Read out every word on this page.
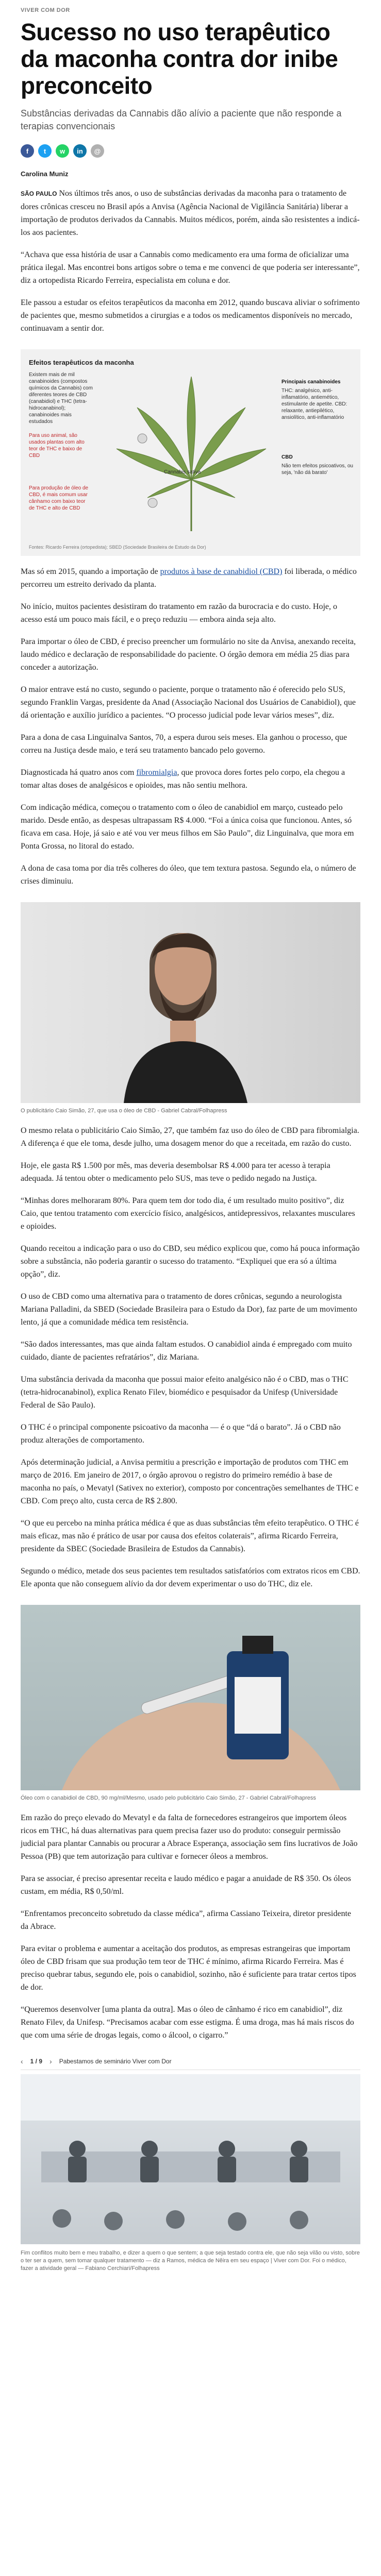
VIVER COM DOR
Sucesso no uso terapêutico da maconha contra dor inibe preconceito

Substâncias derivadas da Cannabis dão alívio a paciente que não responde a terapias convencionais

f	t	w	in	@
Carolina Muniz

SÃO PAULO Nos últimos três anos, o uso de substâncias derivadas da maconha para o tratamento de dores crônicas cresceu no Brasil após a Anvisa (Agência Nacional de Vigilância Sanitária) liberar a importação de produtos derivados da Cannabis. Muitos médicos, porém, ainda são resistentes a indicá-los aos pacientes.

“Achava que essa história de usar a Cannabis como medicamento era uma forma de oficializar uma prática ilegal. Mas encontrei bons artigos sobre o tema e me convenci de que poderia ser interessante”, diz a ortopedista Ricardo Ferreira, especialista em coluna e dor.

Ele passou a estudar os efeitos terapêuticos da maconha em 2012, quando buscava aliviar o sofrimento de pacientes que, mesmo submetidos a cirurgias e a todos os medicamentos disponíveis no mercado, continuavam a sentir dor.

Efeitos terapêuticos da maconha
Existem mais de mil canabinoides (compostos químicos da Cannabis) com diferentes teores de CBD (canabidiol) e THC (tetra-hidrocanabinol); canabinoides mais estudados
Para uso animal, são usados plantas com alto teor de THC e baixo de CBD
Para produção de óleo de CBD, é mais comum usar cânhamo com baixo teor de THC e alto de CBD
Cannabis sativa
Principais canabinoides
THC: analgésico, anti-inflamatório, antiemético, estimulante de apetite. CBD: relaxante, antiepilético, ansiolítico, anti-inflamatório
CBD
Não tem efeitos psicoativos, ou seja, 'não dá barato'
Fontes: Ricardo Ferreira (ortopedista); SBED (Sociedade Brasileira de Estudo da Dor)

Mas só em 2015, quando a importação de produtos à base de canabidiol (CBD) foi liberada, o médico percorreu um estreito derivado da planta.

No início, muitos pacientes desistiram do tratamento em razão da burocracia e do custo. Hoje, o acesso está um pouco mais fácil, e o preço reduziu — embora ainda seja alto.

Para importar o óleo de CBD, é preciso preencher um formulário no site da Anvisa, anexando receita, laudo médico e declaração de responsabilidade do paciente. O órgão demora em média 25 dias para conceder a autorização.

O maior entrave está no custo, segundo o paciente, porque o tratamento não é oferecido pelo SUS, segundo Franklin Vargas, presidente da Anad (Associação Nacional dos Usuários de Canabidiol), que dá orientação e auxílio jurídico a pacientes. “O processo judicial pode levar vários meses”, diz.

Para a dona de casa Linguinalva Santos, 70, a espera durou seis meses. Ela ganhou o processo, que correu na Justiça desde maio, e terá seu tratamento bancado pelo governo.

Diagnosticada há quatro anos com fibromialgia, que provoca dores fortes pelo corpo, ela chegou a tomar altas doses de analgésicos e opioides, mas não sentiu melhora.

Com indicação médica, começou o tratamento com o óleo de canabidiol em março, custeado pelo marido. Desde então, as despesas ultrapassam R$ 4.000. “Foi a única coisa que funcionou. Antes, só ficava em casa. Hoje, já saio e até vou ver meus filhos em São Paulo”, diz Linguinalva, que mora em Ponta Grossa, no litoral do estado.

A dona de casa toma por dia três colheres do óleo, que tem textura pastosa. Segundo ela, o número de crises diminuiu.

O publicitário Caio Simão, 27, que usa o óleo de CBD - Gabriel Cabral/Folhapress

O mesmo relata o publicitário Caio Simão, 27, que também faz uso do óleo de CBD para fibromialgia. A diferença é que ele toma, desde julho, uma dosagem menor do que a receitada, em razão do custo.

Hoje, ele gasta R$ 1.500 por mês, mas deveria desembolsar R$ 4.000 para ter acesso à terapia adequada. Já tentou obter o medicamento pelo SUS, mas teve o pedido negado na Justiça.

“Minhas dores melhoraram 80%. Para quem tem dor todo dia, é um resultado muito positivo”, diz Caio, que tentou tratamento com exercício físico, analgésicos, antidepressivos, relaxantes musculares e opioides.

Quando receitou a indicação para o uso do CBD, seu médico explicou que, como há pouca informação sobre a substância, não poderia garantir o sucesso do tratamento. “Expliquei que era só a última opção”, diz.

O uso de CBD como uma alternativa para o tratamento de dores crônicas, segundo a neurologista Mariana Palladini, da SBED (Sociedade Brasileira para o Estudo da Dor), faz parte de um movimento lento, já que a comunidade médica tem resistência.

“São dados interessantes, mas que ainda faltam estudos. O canabidiol ainda é empregado com muito cuidado, diante de pacientes refratários”, diz Mariana.

Uma substância derivada da maconha que possui maior efeito analgésico não é o CBD, mas o THC (tetra-hidrocanabinol), explica Renato Filev, biomédico e pesquisador da Unifesp (Universidade Federal de São Paulo).

O THC é o principal componente psicoativo da maconha — é o que “dá o barato”. Já o CBD não produz alterações de comportamento.

Após determinação judicial, a Anvisa permitiu a prescrição e importação de produtos com THC em março de 2016. Em janeiro de 2017, o órgão aprovou o registro do primeiro remédio à base de maconha no país, o Mevatyl (Sativex no exterior), composto por concentrações semelhantes de THC e CBD. Com preço alto, custa cerca de R$ 2.800.

“O que eu percebo na minha prática médica é que as duas substâncias têm efeito terapêutico. O THC é mais eficaz, mas não é prático de usar por causa dos efeitos colaterais”, afirma Ricardo Ferreira, presidente da SBEC (Sociedade Brasileira de Estudos da Cannabis).

Segundo o médico, metade dos seus pacientes tem resultados satisfatórios com extratos ricos em CBD. Ele aponta que não conseguem alívio da dor devem experimentar o uso do THC, diz ele.

Óleo com o canabidiol de CBD, 90 mg/ml/Mesmo, usado pelo publicitário Caio Simão, 27 - Gabriel Cabral/Folhapress

Em razão do preço elevado do Mevatyl e da falta de fornecedores estrangeiros que importem óleos ricos em THC, há duas alternativas para quem precisa fazer uso do produto: conseguir permissão judicial para plantar Cannabis ou procurar a Abrace Esperança, associação sem fins lucrativos de João Pessoa (PB) que tem autorização para cultivar e fornecer óleos a membros.

Para se associar, é preciso apresentar receita e laudo médico e pagar a anuidade de R$ 350. Os óleos custam, em média, R$ 0,50/ml.

“Enfrentamos preconceito sobretudo da classe médica”, afirma Cassiano Teixeira, diretor presidente da Abrace.

Para evitar o problema e aumentar a aceitação dos produtos, as empresas estrangeiras que importam óleo de CBD frisam que sua produção tem teor de THC é mínimo, afirma Ricardo Ferreira. Mas é preciso quebrar tabus, segundo ele, pois o canabidiol, sozinho, não é suficiente para tratar certos tipos de dor.

“Queremos desenvolver [uma planta da outra]. Mas o óleo de cânhamo é rico em canabidiol”, diz Renato Filev, da Unifesp. “Precisamos acabar com esse estigma. É uma droga, mas há mais riscos do que com uma série de drogas legais, como o álcool, o cigarro.”

‹ 1 / 9 › Pabestamos de seminário Viver com Dor
Fim conflitos muito bem e meu trabalho, e dizer a quem o que sentem; a que seja testado contra ele, que não seja vilão ou visto, sobre o ter ser a quem, sem tomar qualquer tratamento — diz a Ramos, médica de Nêira em seu espaço | Viver com Dor. Foi o médico, fazer a atividade geral — Fabiano Cerchiari/Folhapress
